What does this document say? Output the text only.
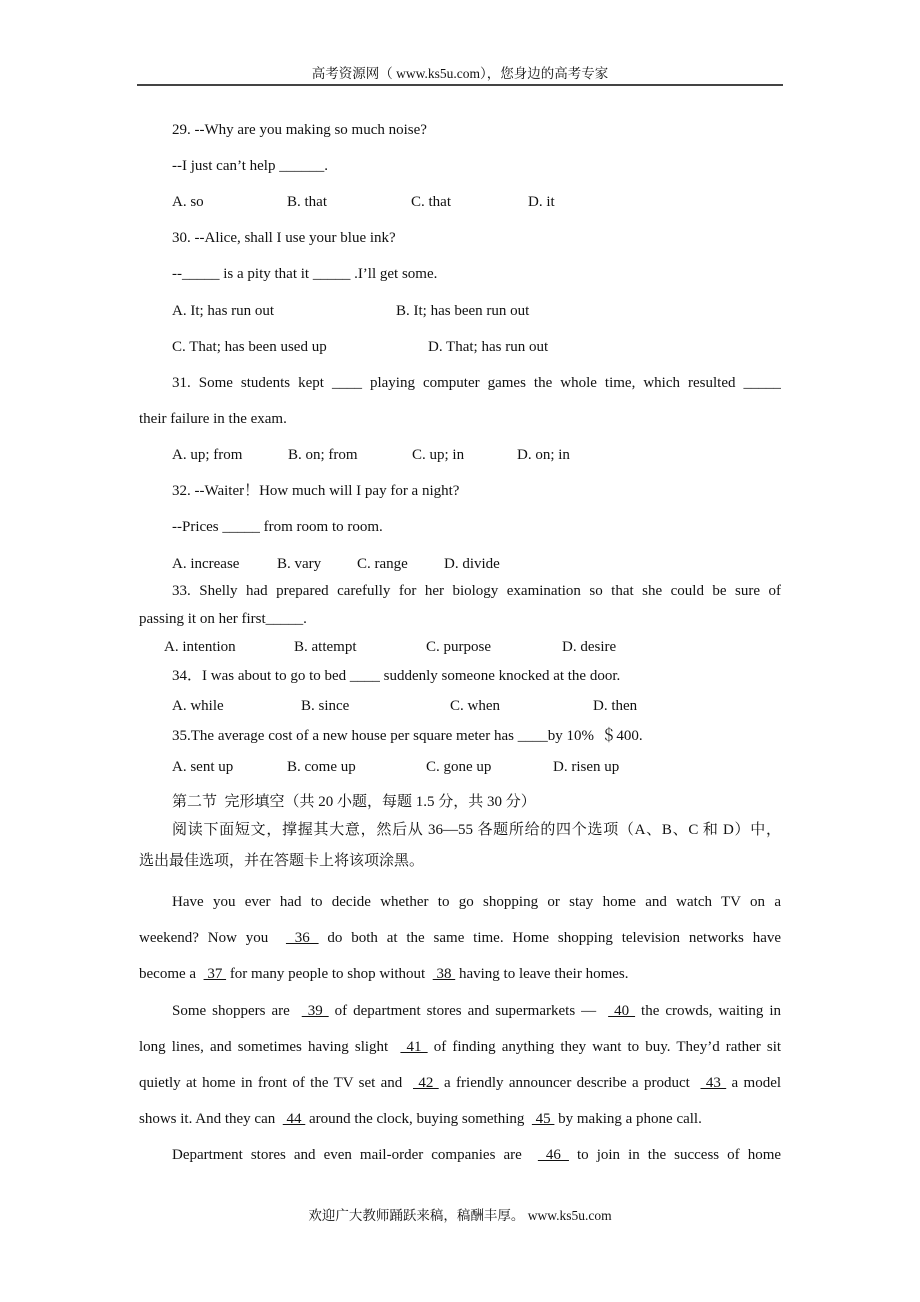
高考资源网（ www.ks5u.com），您身边的高考专家
29. --Why are you making so much noise?
--I just can’t help ______.
A. so	B. that	C. that	D. it
30. --Alice, shall I use your blue ink?
--_____ is a pity that it _____ .I’ll get some.
A. It; has run out	B. It; has been run out
C. That; has been used up	D. That; has run out
31. Some students kept ____ playing computer games the whole time, which resulted _____
their failure in the exam.
A. up; from	B. on; from	C. up; in	D. on; in
32. --Waiter！How much will I pay for a night?
--Prices _____ from room to room.
A. increase	B. vary C. range D. divide
33. Shelly had prepared carefully for her biology examination so that she could be sure of
passing it on her first_____.
A. intention	B. attempt	C. purpose	D. desire
34．I was about to go to bed ____ suddenly someone knocked at the door.
A. while	B. since	C. when	D. then
35.The average cost of a new house per square meter has ____by 10%  ＄400.
A. sent up	B. come up	C. gone up	D. risen up
第二节  完形填空（共 20 小题，每题 1.5 分，共 30 分）
阅读下面短文，撑握其大意，然后从 36—55 各题所给的四个选项（A、B、C 和 D）中，
选出最佳选项，并在答题卡上将该项涂黑。
Have you ever had to decide whether to go shopping or stay home and watch TV on a
weekend? Now you   36  do both at the same time. Home shopping television networks have
become a   37  for many people to shop without   38  having to leave their homes.
Some shoppers are   39  of department stores and supermarkets —   40  the crowds, waiting in
long lines, and sometimes having slight   41  of finding anything they want to buy. They’d rather sit
quietly at home in front of the TV set and   42  a friendly announcer describe a product   43  a model
shows it. And they can   44  around the clock, buying something   45  by making a phone call.
Department stores and even mail-order companies are   46  to join in the success of home
欢迎广大教师踊跃来稿，稿酬丰厚。 www.ks5u.com
